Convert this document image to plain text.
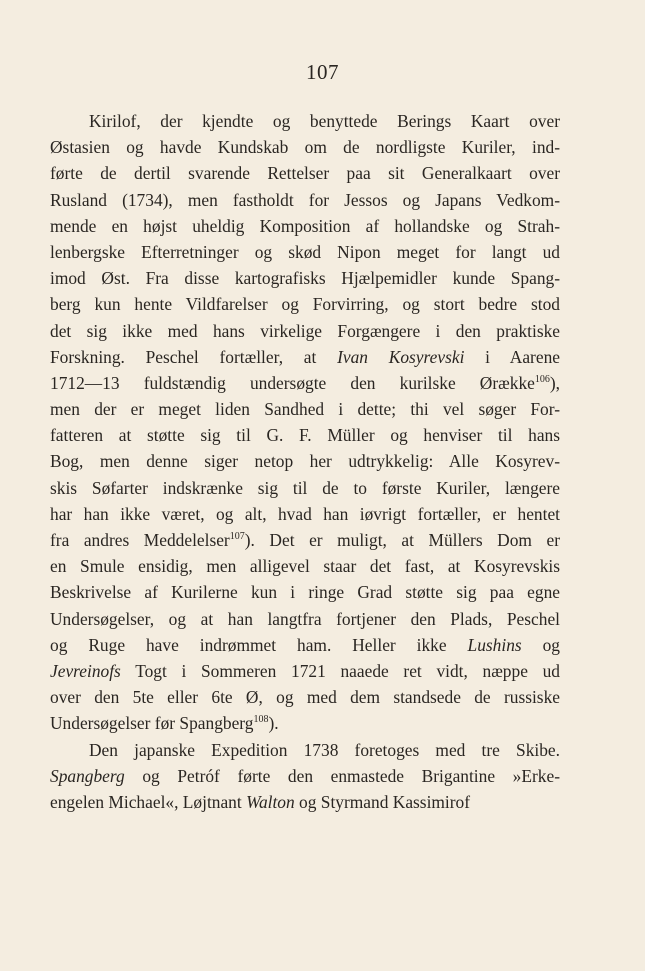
107
Kirilof, der kjendte og benyttede Berings Kaart over
Østasien og havde Kundskab om de nordligste Kuriler, ind-
førte de dertil svarende Rettelser paa sit Generalkaart over
Rusland (1734), men fastholdt for Jessos og Japans Vedkom-
mende en højst uheldig Komposition af hollandske og Strah-
lenbergske Efterretninger og skød Nipon meget for langt ud
imod Øst. Fra disse kartografisks Hjælpemidler kunde Spang-
berg kun hente Vildfarelser og Forvirring, og stort bedre stod
det sig ikke med hans virkelige Forgængere i den praktiske
Forskning. Peschel fortæller, at Ivan Kosyrevski i Aarene
1712—13 fuldstændig undersøgte den kurilske Ørække$^{106}$),
men der er meget liden Sandhed i dette; thi vel søger For-
fatteren at støtte sig til G. F. Müller og henviser til hans
Bog, men denne siger netop her udtrykkelig: Alle Kosyrev-
skis Søfarter indskrænke sig til de to første Kuriler, længere
har han ikke været, og alt, hvad han iøvrigt fortæller, er hentet
fra andres Meddelelser$^{107}$). Det er muligt, at Müllers Dom er
en Smule ensidig, men alligevel staar det fast, at Kosyrevskis
Beskrivelse af Kurilerne kun i ringe Grad støtte sig paa egne
Undersøgelser, og at han langtfra fortjener den Plads, Peschel
og Ruge have indrømmet ham. Heller ikke Lushins og
Jevreinofs Togt i Sommeren 1721 naaede ret vidt, næppe ud
over den 5te eller 6te Ø, og med dem standsede de russiske
Undersøgelser før Spangberg$^{108}$).
Den japanske Expedition 1738 foretoges med tre Skibe.
Spangberg og Petróf førte den enmastede Brigantine »Erke-
engelen Michael«, Løjtnant Walton og Styrmand Kassimirof
